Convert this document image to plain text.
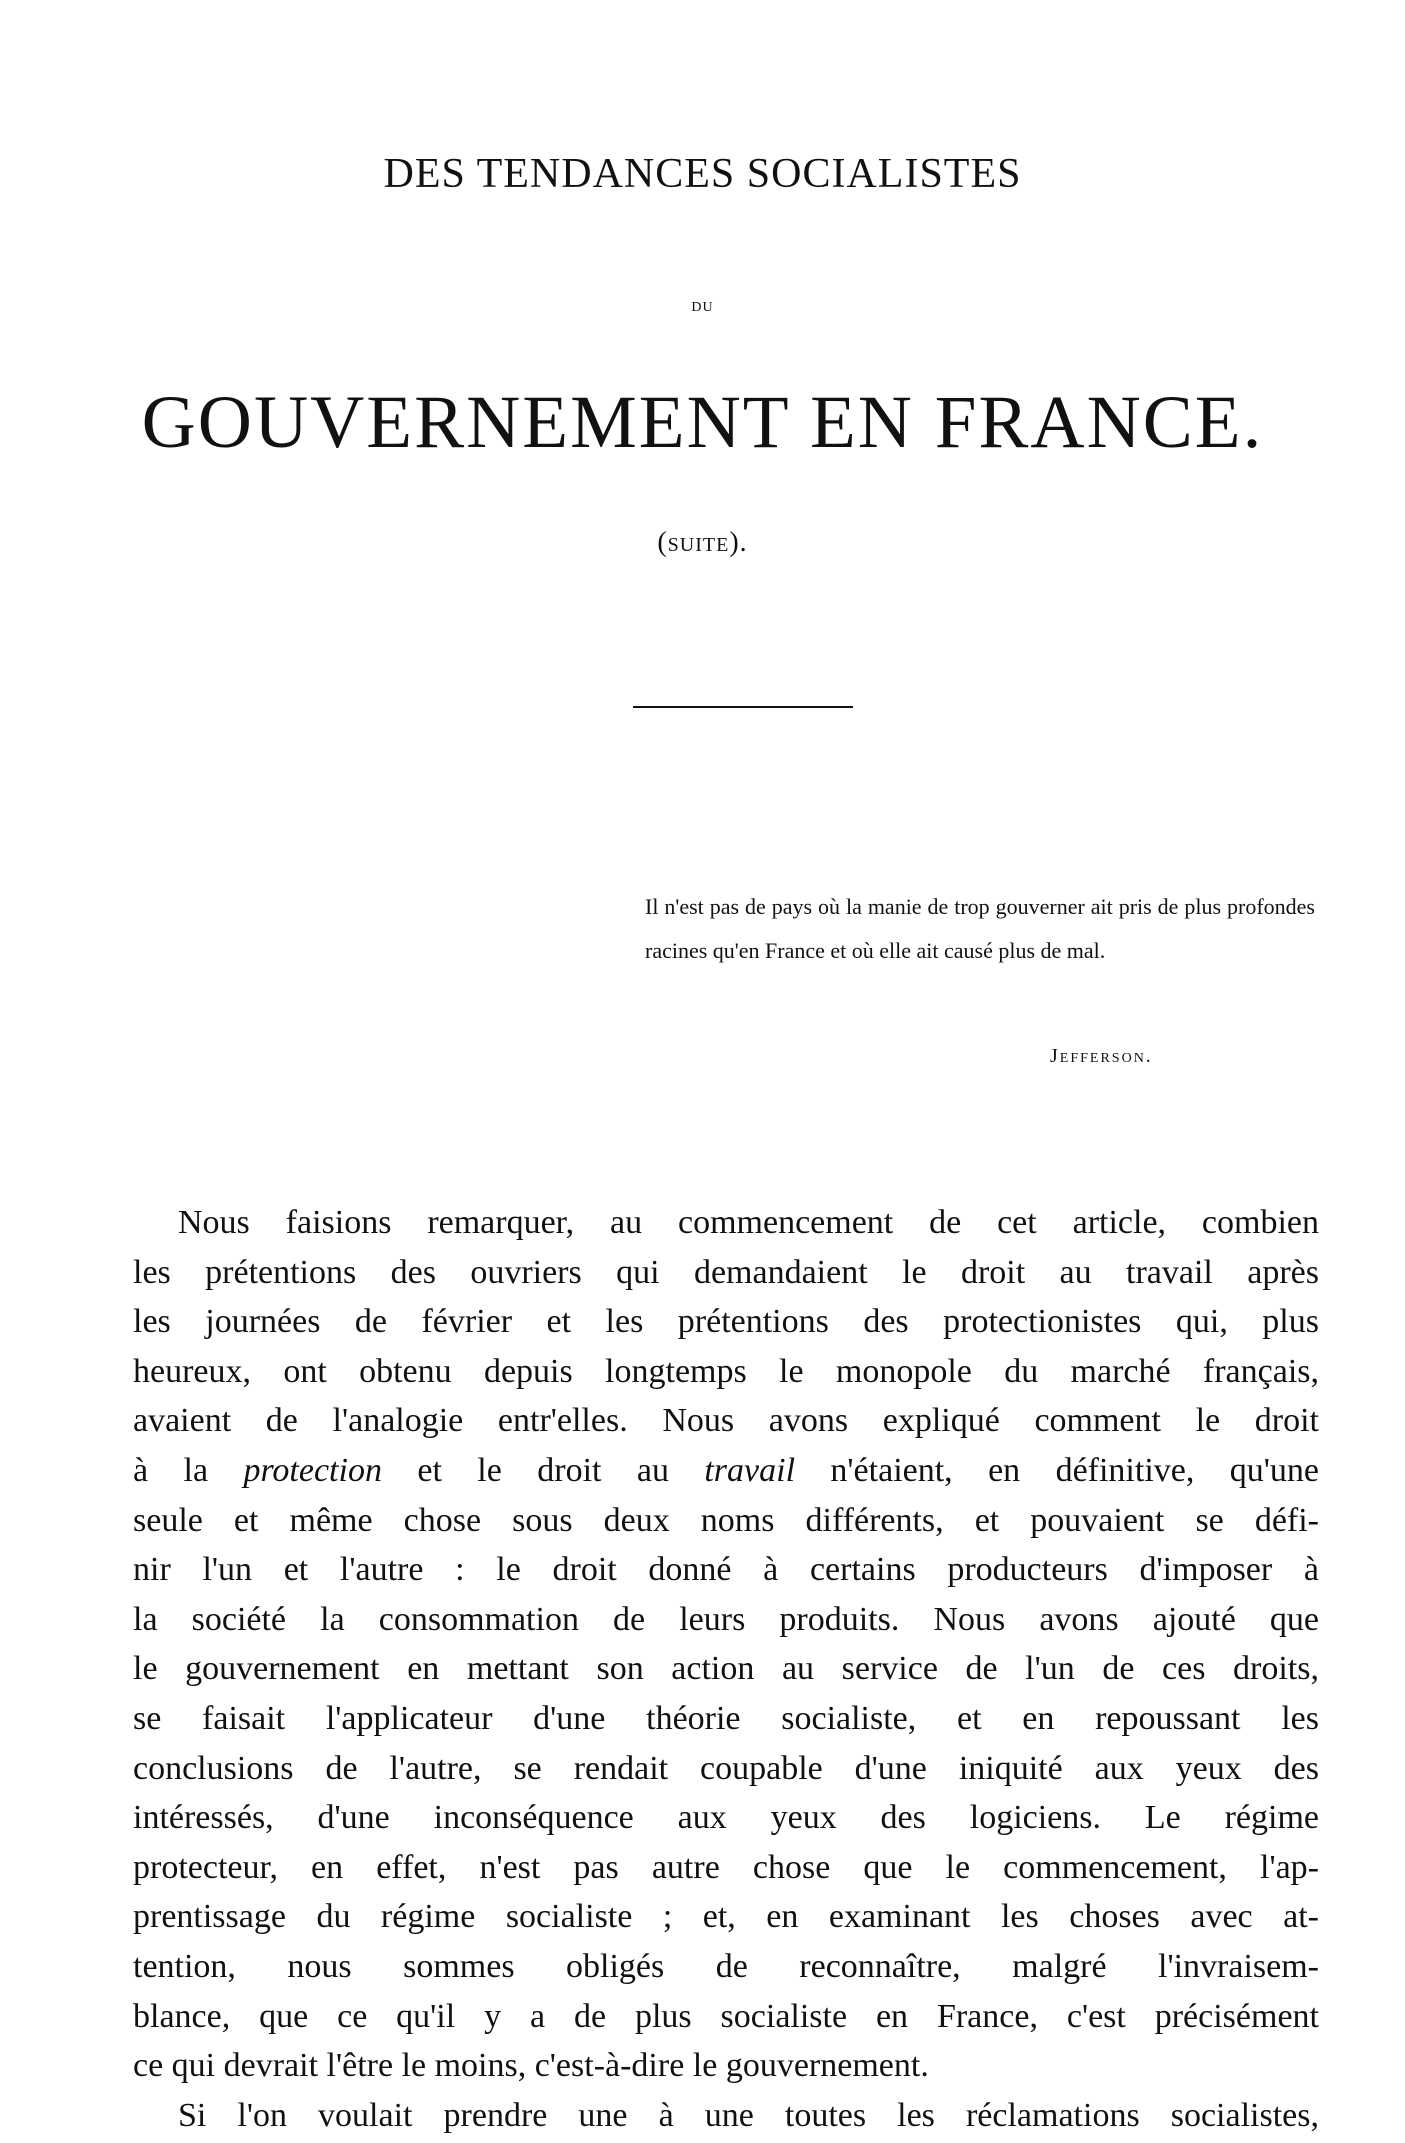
DES TENDANCES SOCIALISTES
DU
GOUVERNEMENT EN FRANCE.
(suite).
Il n'est pas de pays où la manie de trop gouverner ait pris de plus profondes racines qu'en France et où elle ait causé plus de mal.
Jefferson.
Nous faisions remarquer, au commencement de cet article, combien
les prétentions des ouvriers qui demandaient le droit au travail après
les journées de février et les prétentions des protectionistes qui, plus
heureux, ont obtenu depuis longtemps le monopole du marché français,
avaient de l'analogie entr'elles. Nous avons expliqué comment le droit
à la protection et le droit au travail n'étaient, en définitive, qu'une
seule et même chose sous deux noms différents, et pouvaient se défi-
nir l'un et l'autre : le droit donné à certains producteurs d'imposer à
la société la consommation de leurs produits. Nous avons ajouté que
le gouvernement en mettant son action au service de l'un de ces droits,
se faisait l'applicateur d'une théorie socialiste, et en repoussant les
conclusions de l'autre, se rendait coupable d'une iniquité aux yeux des
intéressés, d'une inconséquence aux yeux des logiciens. Le régime
protecteur, en effet, n'est pas autre chose que le commencement, l'ap-
prentissage du régime socialiste ; et, en examinant les choses avec at-
tention, nous sommes obligés de reconnaître, malgré l'invraisem-
blance, que ce qu'il y a de plus socialiste en France, c'est précisément
ce qui devrait l'être le moins, c'est-à-dire le gouvernement.
Si l'on voulait prendre une à une toutes les réclamations socialistes,
